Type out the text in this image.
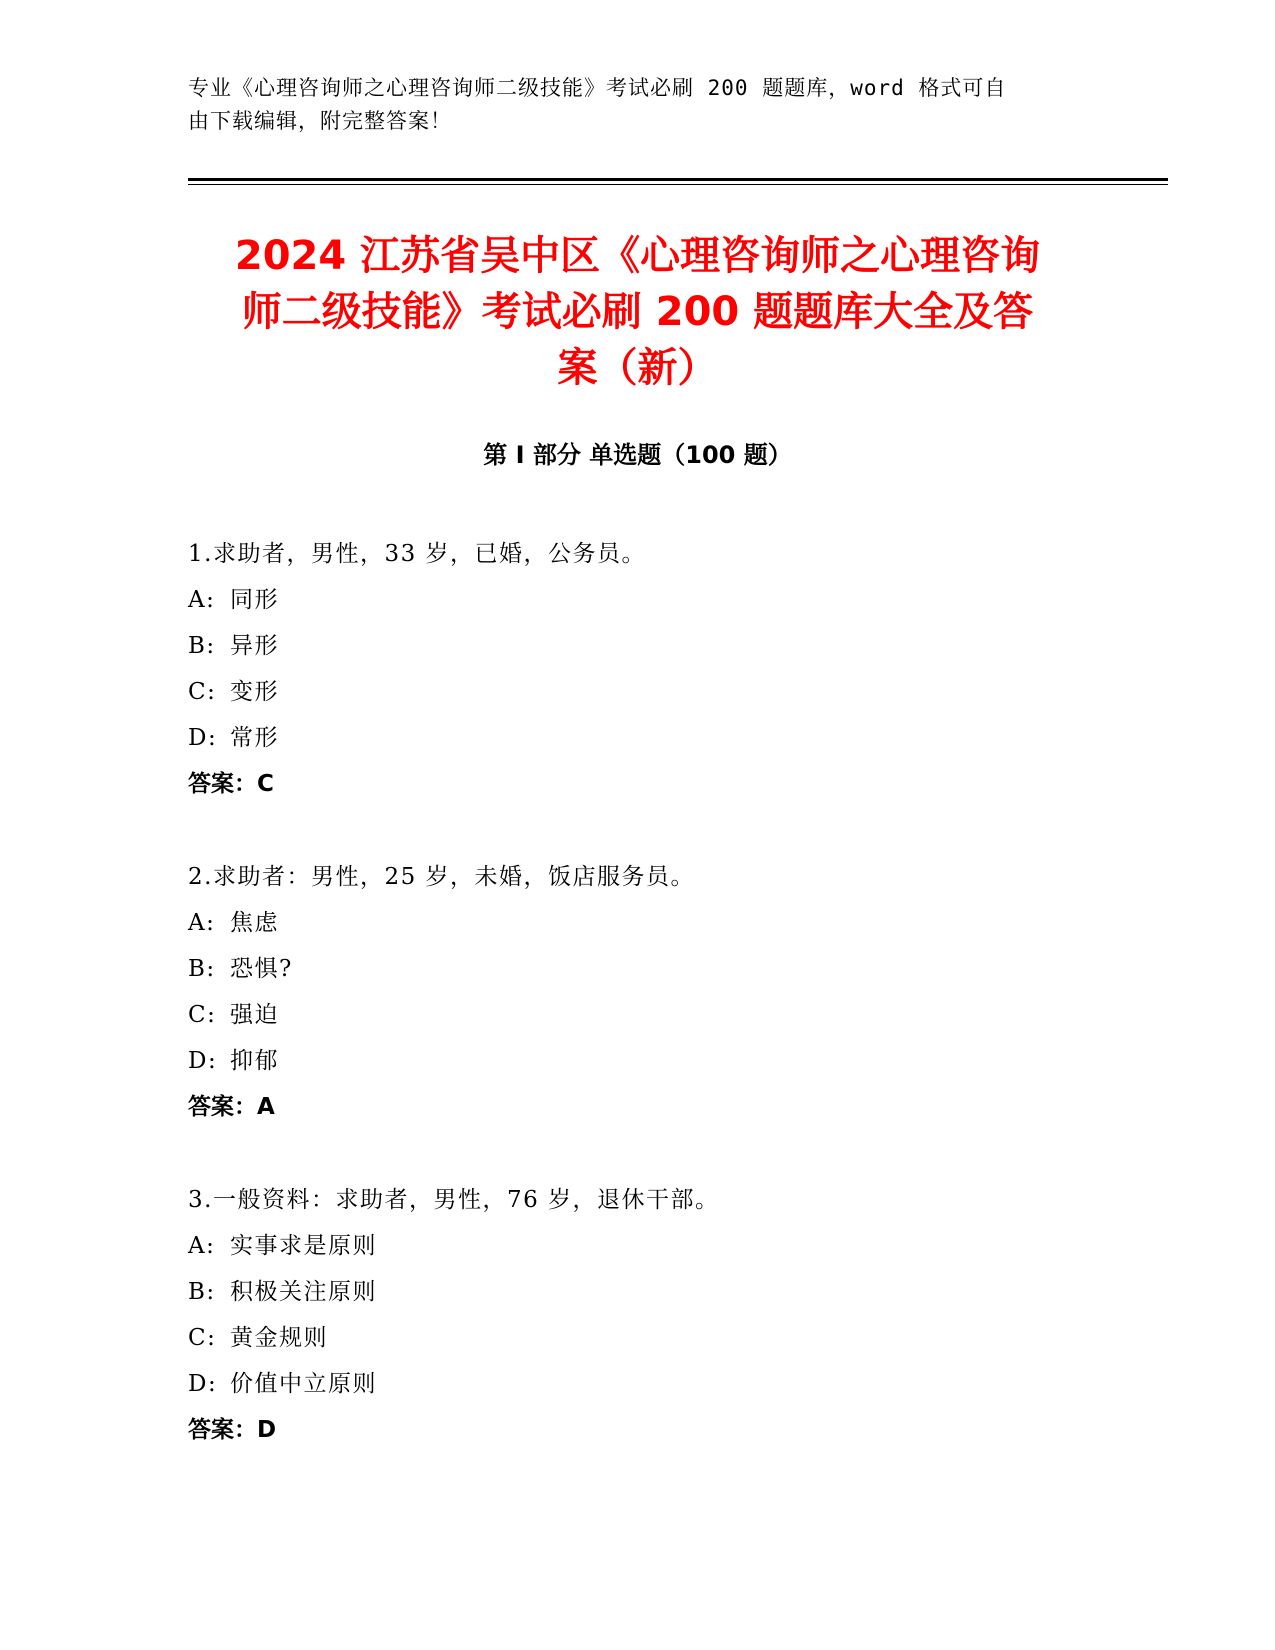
专业《心理咨询师之心理咨询师二级技能》考试必刷 200 题题库，word 格式可自
由下载编辑，附完整答案！
2024 江苏省吴中区《心理咨询师之心理咨询
师二级技能》考试必刷 200 题题库大全及答
案（新）
第 I 部分 单选题（100 题）
1.求助者，男性，33 岁，已婚，公务员。
A: 同形
B: 异形
C: 变形
D: 常形
答案：C
2.求助者：男性，25 岁，未婚，饭店服务员。
A: 焦虑
B: 恐惧?
C: 强迫
D: 抑郁
答案：A
3.一般资料：求助者，男性，76 岁，退休干部。
A: 实事求是原则
B: 积极关注原则
C: 黄金规则
D: 价值中立原则
答案：D
